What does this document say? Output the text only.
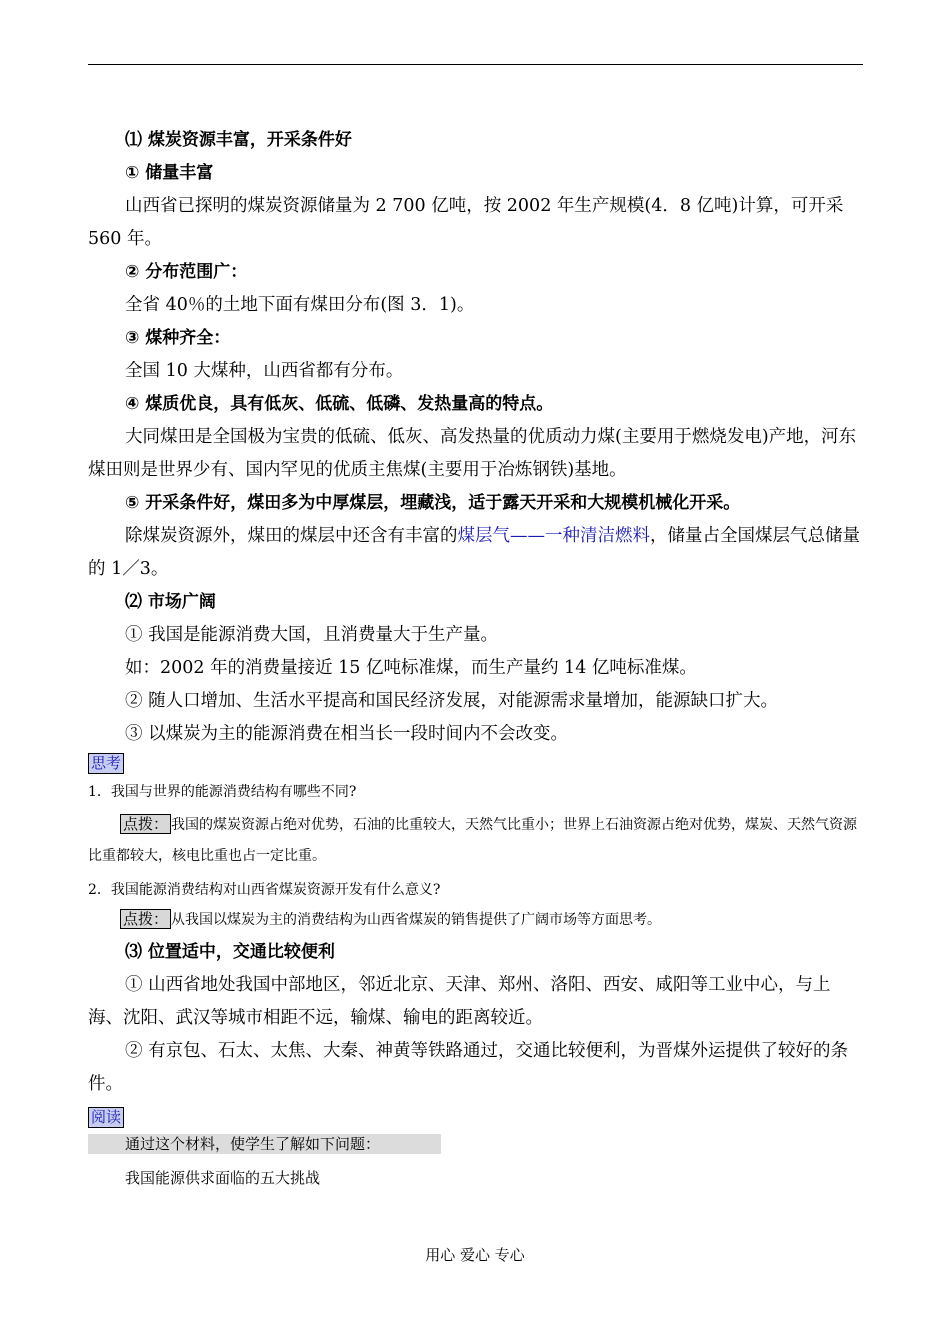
⑴ 煤炭资源丰富，开采条件好

① 储量丰富

山西省已探明的煤炭资源储量为 2 700 亿吨，按 2002 年生产规模(4．8 亿吨)计算，可开采 560 年。

② 分布范围广：

全省 40％的土地下面有煤田分布(图 3．1)。

③ 煤种齐全：

全国 10 大煤种，山西省都有分布。

④ 煤质优良，具有低灰、低硫、低磷、发热量高的特点。

大同煤田是全国极为宝贵的低硫、低灰、高发热量的优质动力煤(主要用于燃烧发电)产地，河东煤田则是世界少有、国内罕见的优质主焦煤(主要用于冶炼钢铁)基地。

⑤ 开采条件好，煤田多为中厚煤层，埋藏浅，适于露天开采和大规模机械化开采。

除煤炭资源外，煤田的煤层中还含有丰富的煤层气——一种清洁燃料，储量占全国煤层气总储量的 1／3。

⑵ 市场广阔

① 我国是能源消费大国，且消费量大于生产量。

如：2002 年的消费量接近 15 亿吨标准煤，而生产量约 14 亿吨标准煤。

② 随人口增加、生活水平提高和国民经济发展，对能源需求量增加，能源缺口扩大。

③ 以煤炭为主的能源消费在相当长一段时间内不会改变。

思考

1．我国与世界的能源消费结构有哪些不同?

点拨： 我国的煤炭资源占绝对优势，石油的比重较大，天然气比重小；世界上石油资源占绝对优势，煤炭、天然气资源比重都较大，核电比重也占一定比重。

2．我国能源消费结构对山西省煤炭资源开发有什么意义?

点拨： 从我国以煤炭为主的消费结构为山西省煤炭的销售提供了广阔市场等方面思考。

⑶ 位置适中，交通比较便利

① 山西省地处我国中部地区，邻近北京、天津、郑州、洛阳、西安、咸阳等工业中心，与上海、沈阳、武汉等城市相距不远，输煤、输电的距离较近。

② 有京包、石太、太焦、大秦、神黄等铁路通过，交通比较便利，为晋煤外运提供了较好的条件。

阅读
通过这个材料，使学生了解如下问题：

我国能源供求面临的五大挑战

用心 爱心 专心
